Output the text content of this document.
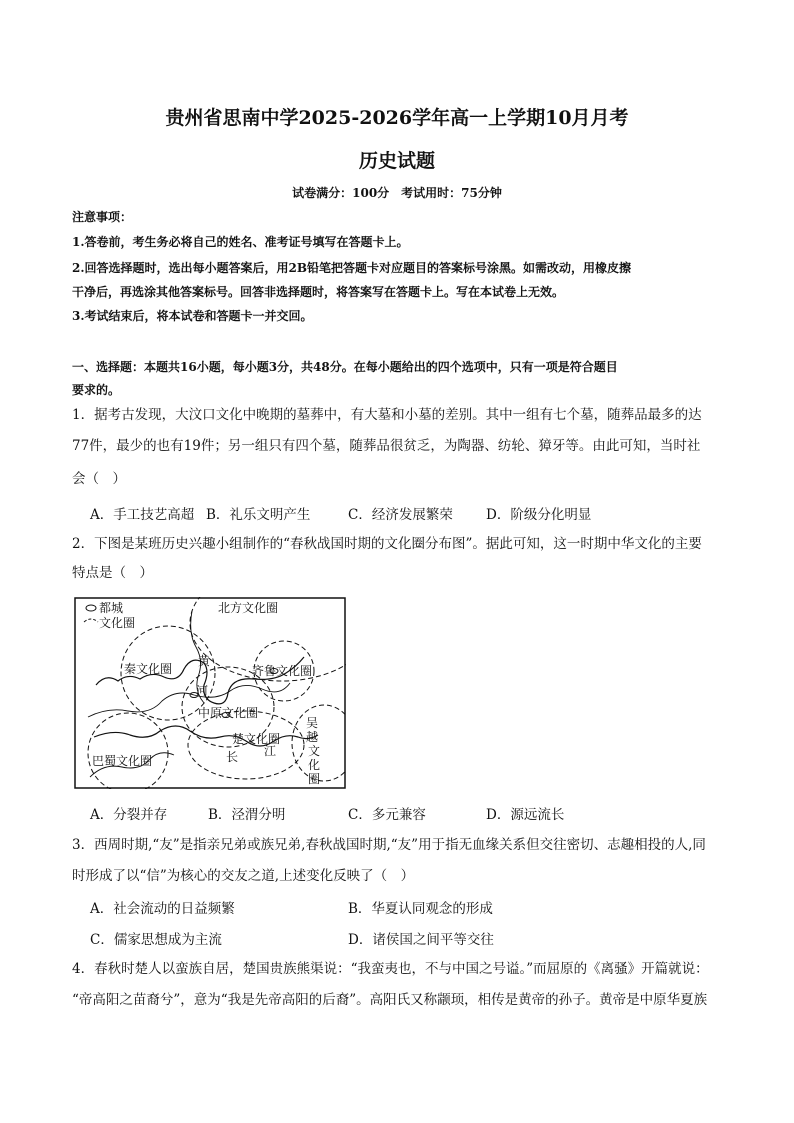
贵州省思南中学2025-2026学年高一上学期10月月考
历史试题
试卷满分：100分　考试用时：75分钟
注意事项：
1.答卷前，考生务必将自己的姓名、准考证号填写在答题卡上。
2.回答选择题时，选出每小题答案后，用2B铅笔把答题卡对应题目的答案标号涂黑。如需改动，用橡皮擦
干净后，再选涂其他答案标号。回答非选择题时，将答案写在答题卡上。写在本试卷上无效。
3.考试结束后，将本试卷和答题卡一并交回。
一、选择题：本题共16小题，每小题3分，共48分。在每小题给出的四个选项中，只有一项是符合题目
要求的。
1．据考古发现，大汶口文化中晚期的墓葬中，有大墓和小墓的差别。其中一组有七个墓，随葬品最多的达
77件，最少的也有19件；另一组只有四个墓，随葬品很贫乏，为陶器、纺轮、獐牙等。由此可知，当时社
会（　）
A．手工技艺高超 B．礼乐文明产生	C．经济发展繁荣 D．阶级分化明显
2．下图是某班历史兴趣小组制作的“春秋战国时期的文化圈分布图”。据此可知，这一时期中华文化的主要
特点是（　）
都城
文化圈
北方文化圈
秦文化圈	齐鲁文化圈
中原文化圈
楚文化圈
巴蜀文化圈
黄
河
江
长
吴
越
文
化
圈
A．分裂并存	B．泾渭分明	C．多元兼容	D．源远流长
3．西周时期,“友”是指亲兄弟或族兄弟,春秋战国时期,“友”用于指无血缘关系但交往密切、志趣相投的人,同
时形成了以“信”为核心的交友之道,上述变化反映了（　）
A．社会流动的日益频繁	B．华夏认同观念的形成
C．儒家思想成为主流	D．诸侯国之间平等交往
4．春秋时楚人以蛮族自居，楚国贵族熊渠说：“我蛮夷也，不与中国之号谥。”而屈原的《离骚》开篇就说：
“帝高阳之苗裔兮”，意为“我是先帝高阳的后裔”。高阳氏又称颛顼，相传是黄帝的孙子。黄帝是中原华夏族
